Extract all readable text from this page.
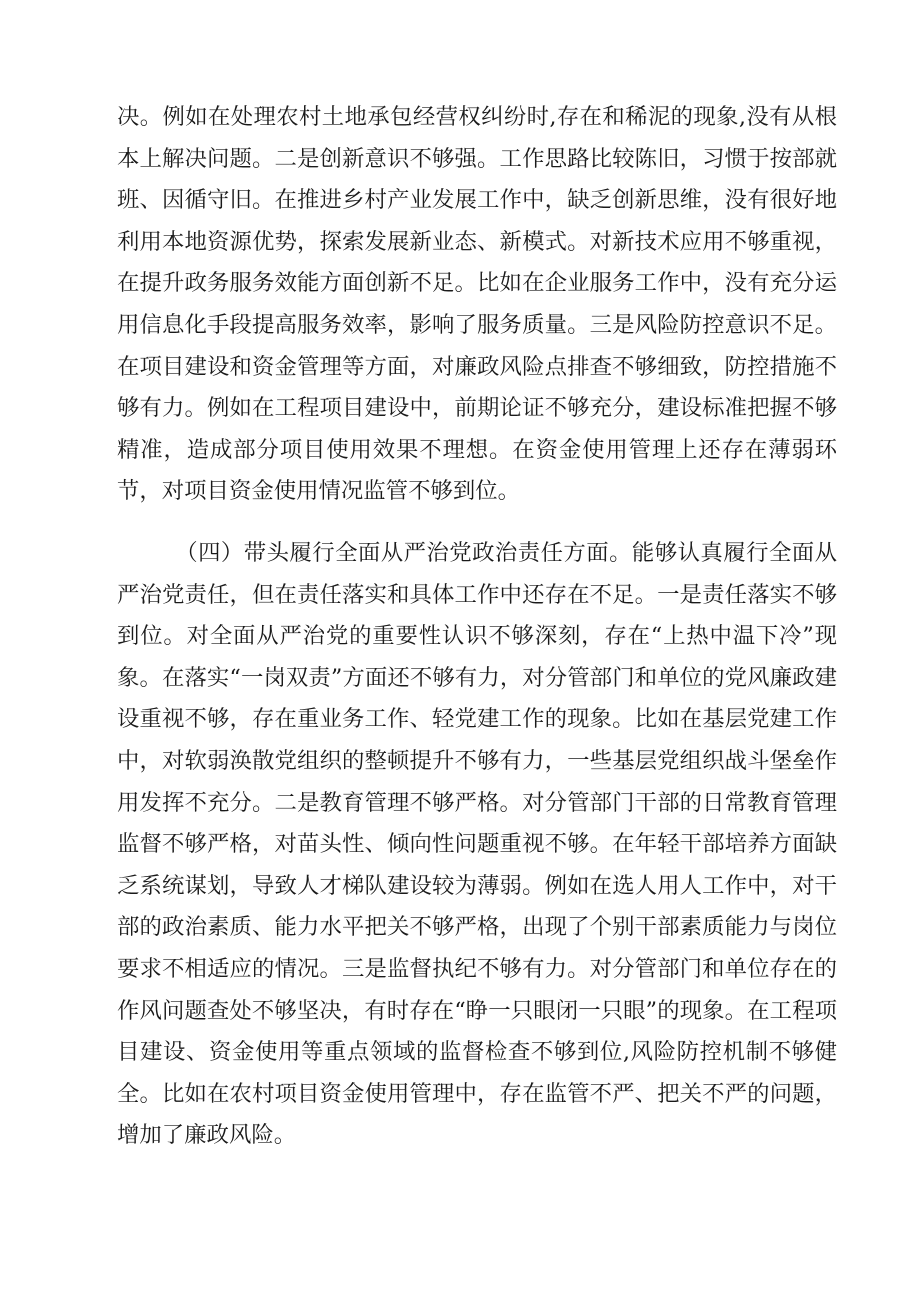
决。例如在处理农村土地承包经营权纠纷时,存在和稀泥的现象,没有从根本上解决问题。二是创新意识不够强。工作思路比较陈旧，习惯于按部就班、因循守旧。在推进乡村产业发展工作中，缺乏创新思维，没有很好地利用本地资源优势，探索发展新业态、新模式。对新技术应用不够重视，在提升政务服务效能方面创新不足。比如在企业服务工作中，没有充分运用信息化手段提高服务效率，影响了服务质量。三是风险防控意识不足。在项目建设和资金管理等方面，对廉政风险点排查不够细致，防控措施不够有力。例如在工程项目建设中，前期论证不够充分，建设标准把握不够精准，造成部分项目使用效果不理想。在资金使用管理上还存在薄弱环节，对项目资金使用情况监管不够到位。

（四）带头履行全面从严治党政治责任方面。能够认真履行全面从严治党责任，但在责任落实和具体工作中还存在不足。一是责任落实不够到位。对全面从严治党的重要性认识不够深刻，存在“上热中温下冷”现象。在落实“一岗双责”方面还不够有力，对分管部门和单位的党风廉政建设重视不够，存在重业务工作、轻党建工作的现象。比如在基层党建工作中，对软弱涣散党组织的整顿提升不够有力，一些基层党组织战斗堡垒作用发挥不充分。二是教育管理不够严格。对分管部门干部的日常教育管理监督不够严格，对苗头性、倾向性问题重视不够。在年轻干部培养方面缺乏系统谋划，导致人才梯队建设较为薄弱。例如在选人用人工作中，对干部的政治素质、能力水平把关不够严格，出现了个别干部素质能力与岗位要求不相适应的情况。三是监督执纪不够有力。对分管部门和单位存在的作风问题查处不够坚决，有时存在“睁一只眼闭一只眼”的现象。在工程项目建设、资金使用等重点领域的监督检查不够到位,风险防控机制不够健全。比如在农村项目资金使用管理中，存在监管不严、把关不严的问题，增加了廉政风险。
